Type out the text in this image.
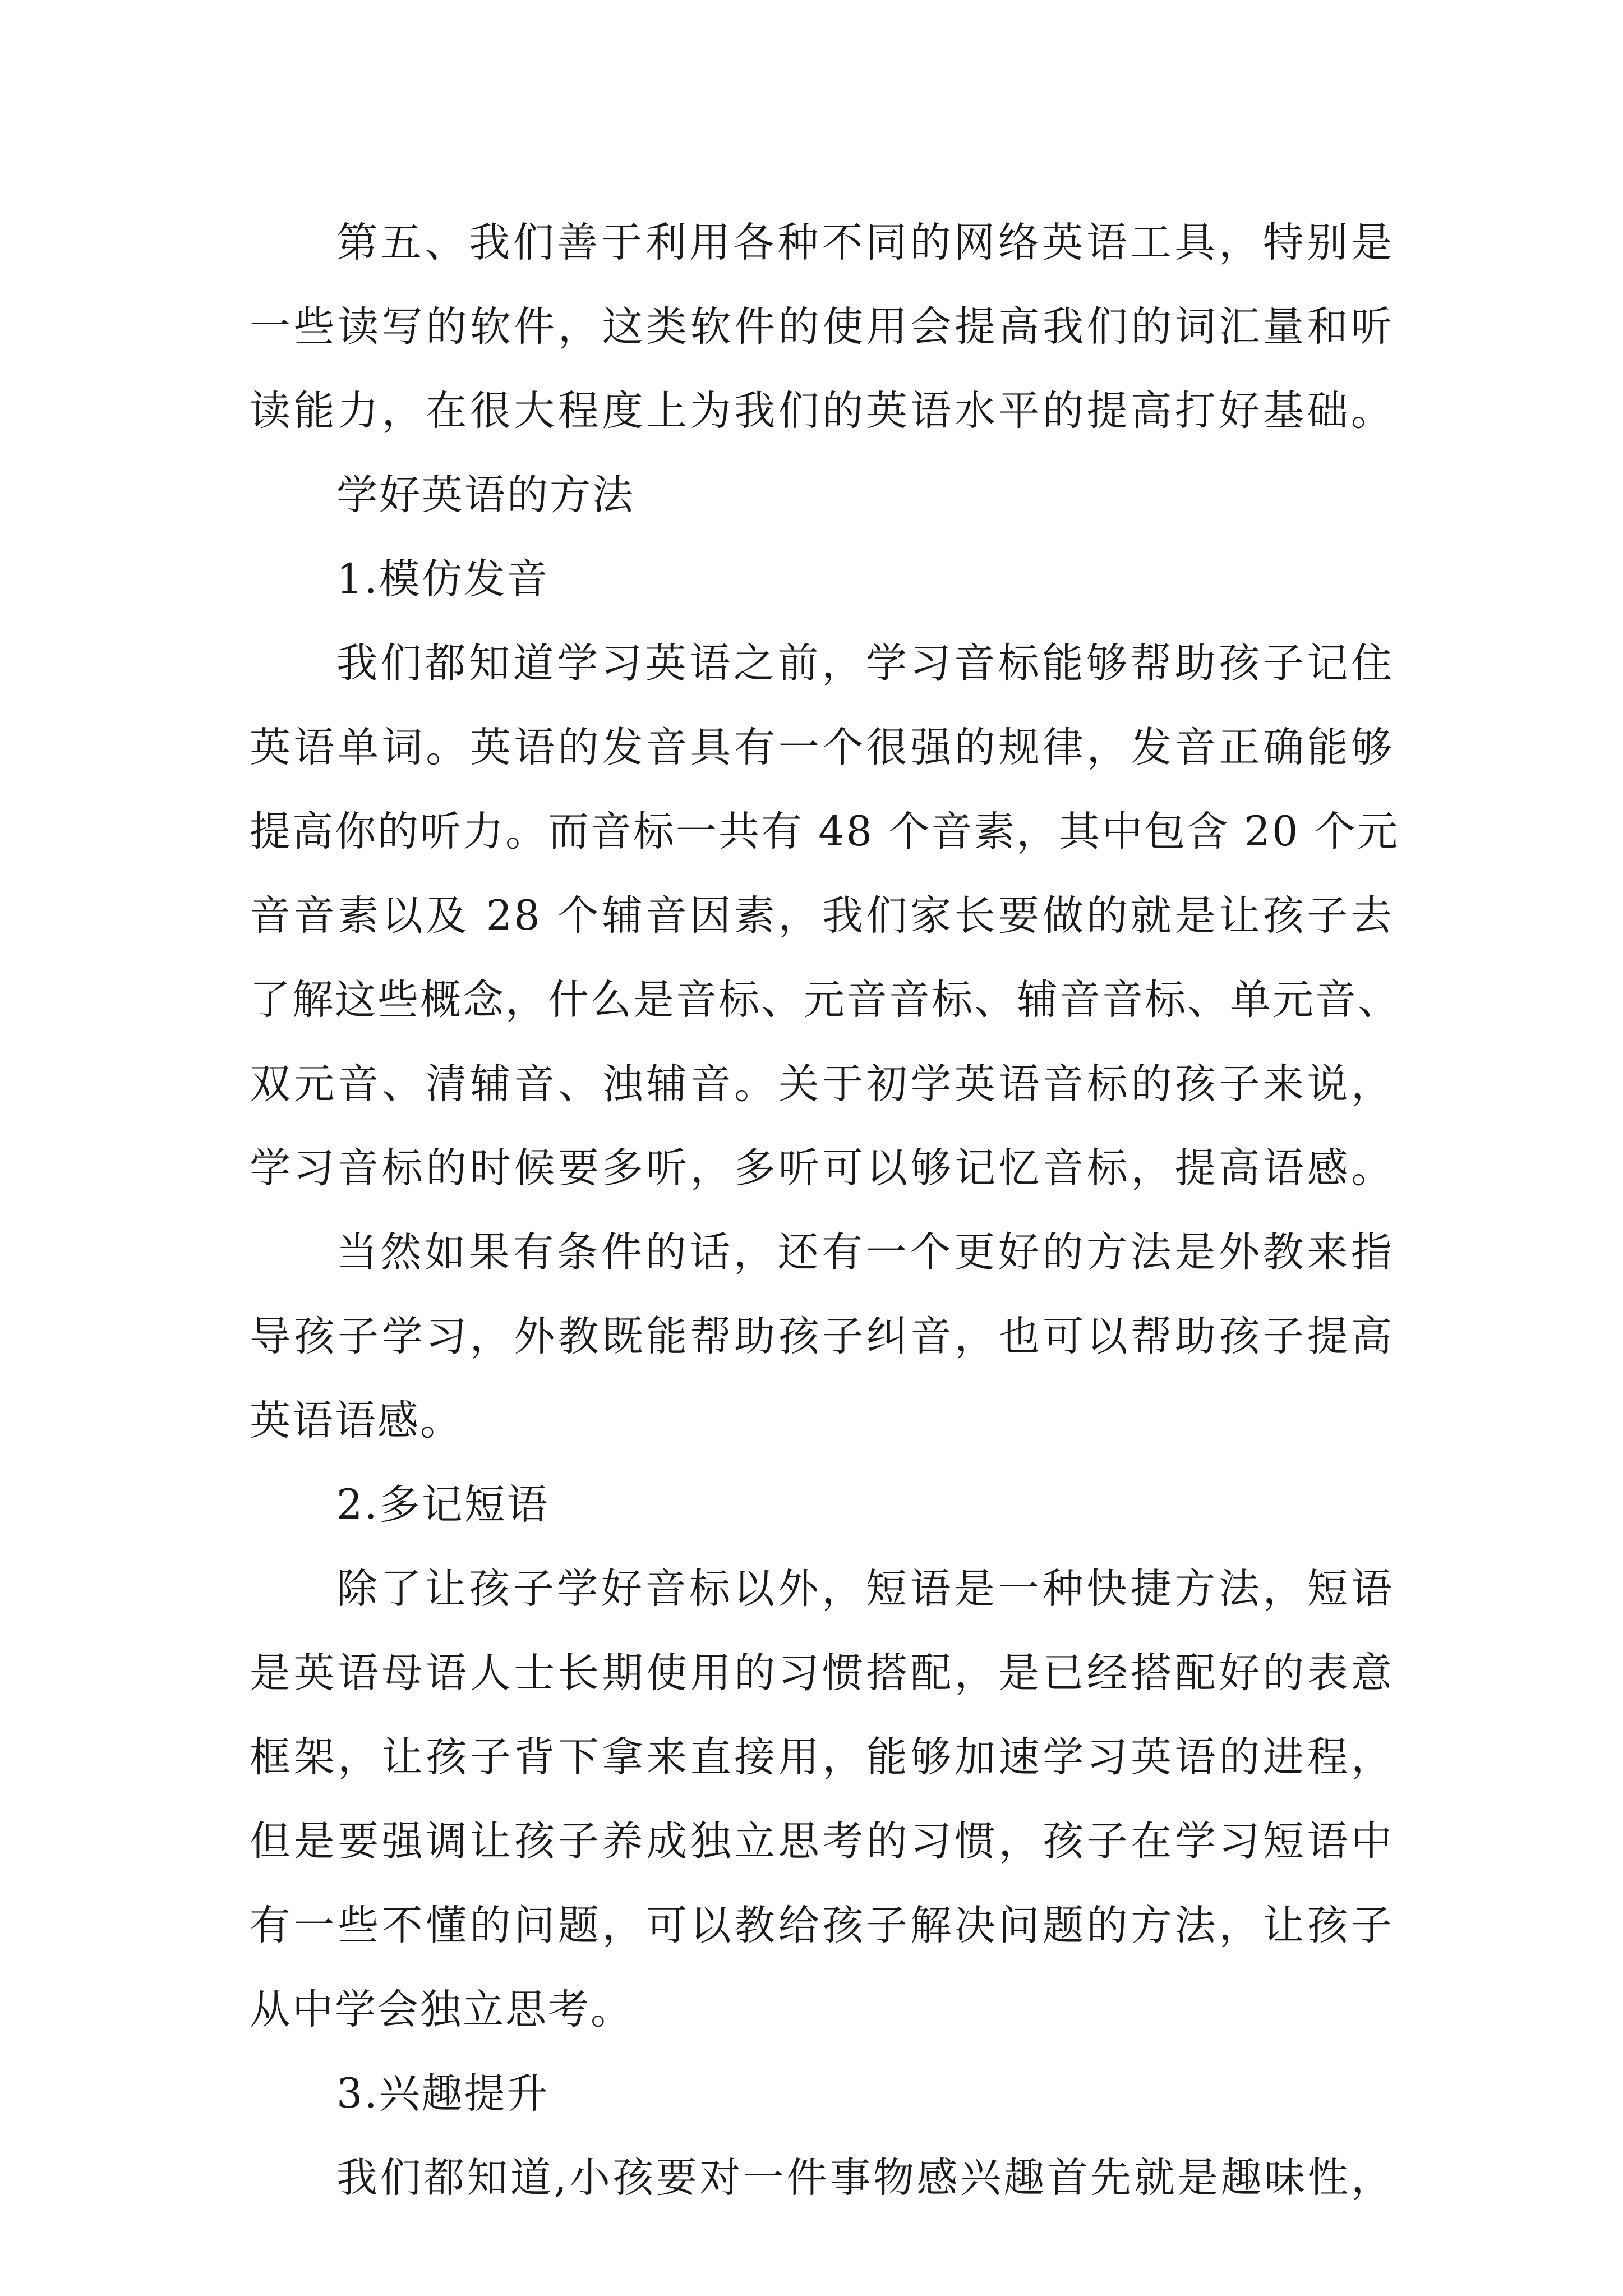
第五、我们善于利用各种不同的网络英语工具，特别是
一些读写的软件，这类软件的使用会提高我们的词汇量和听
读能力，在很大程度上为我们的英语水平的提高打好基础。
学好英语的方法
1.模仿发音
我们都知道学习英语之前，学习音标能够帮助孩子记住
英语单词。英语的发音具有一个很强的规律，发音正确能够
提高你的听力。而音标一共有 48 个音素，其中包含 20 个元
音音素以及 28 个辅音因素，我们家长要做的就是让孩子去
了解这些概念，什么是音标、元音音标、辅音音标、单元音、
双元音、清辅音、浊辅音。关于初学英语音标的孩子来说，
学习音标的时候要多听，多听可以够记忆音标，提高语感。
当然如果有条件的话，还有一个更好的方法是外教来指
导孩子学习，外教既能帮助孩子纠音，也可以帮助孩子提高
英语语感。
2.多记短语
除了让孩子学好音标以外，短语是一种快捷方法，短语
是英语母语人士长期使用的习惯搭配，是已经搭配好的表意
框架，让孩子背下拿来直接用，能够加速学习英语的进程，
但是要强调让孩子养成独立思考的习惯，孩子在学习短语中
有一些不懂的问题，可以教给孩子解决问题的方法，让孩子
从中学会独立思考。
3.兴趣提升
我们都知道,小孩要对一件事物感兴趣首先就是趣味性，
